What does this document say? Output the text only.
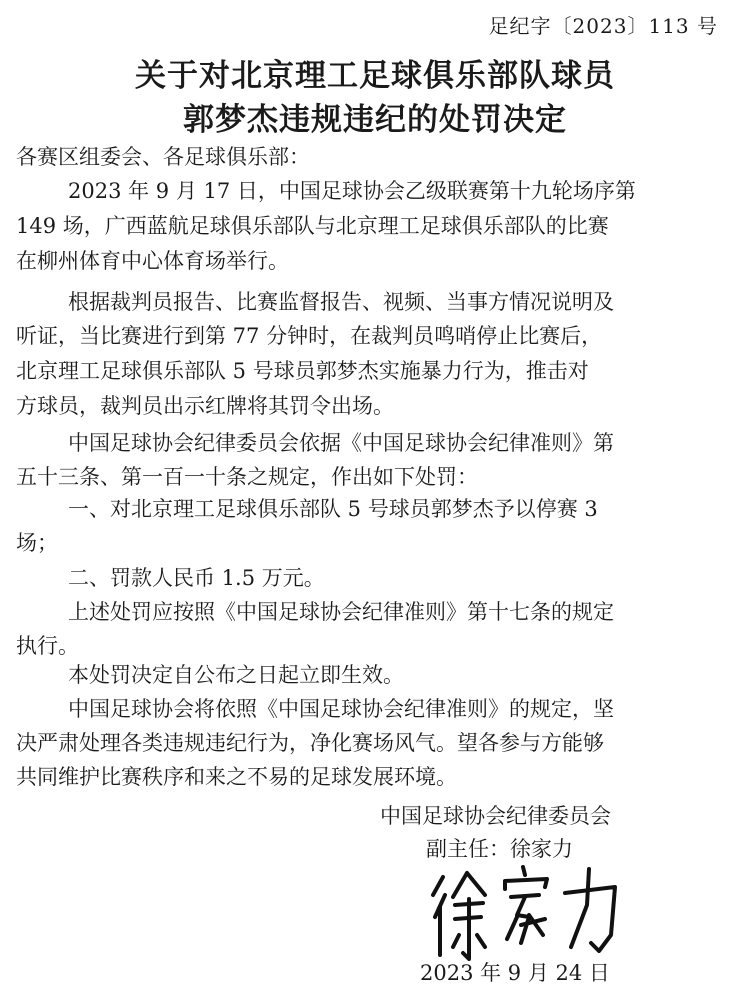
足纪字〔2023〕113 号
关于对北京理工足球俱乐部队球员
郭梦杰违规违纪的处罚决定
各赛区组委会、各足球俱乐部：
2023 年 9 月 17 日，中国足球协会乙级联赛第十九轮场序第
149 场，广西蓝航足球俱乐部队与北京理工足球俱乐部队的比赛
在柳州体育中心体育场举行。
根据裁判员报告、比赛监督报告、视频、当事方情况说明及
听证，当比赛进行到第 77 分钟时，在裁判员鸣哨停止比赛后，
北京理工足球俱乐部队 5 号球员郭梦杰实施暴力行为，推击对
方球员，裁判员出示红牌将其罚令出场。
中国足球协会纪律委员会依据《中国足球协会纪律准则》第
五十三条、第一百一十条之规定，作出如下处罚：
一、对北京理工足球俱乐部队 5 号球员郭梦杰予以停赛 3
场；
二、罚款人民币 1.5 万元。
上述处罚应按照《中国足球协会纪律准则》第十七条的规定
执行。
本处罚决定自公布之日起立即生效。
中国足球协会将依照《中国足球协会纪律准则》的规定，坚
决严肃处理各类违规违纪行为，净化赛场风气。望各参与方能够
共同维护比赛秩序和来之不易的足球发展环境。
中国足球协会纪律委员会
副主任：徐家力
2023 年 9 月 24 日
